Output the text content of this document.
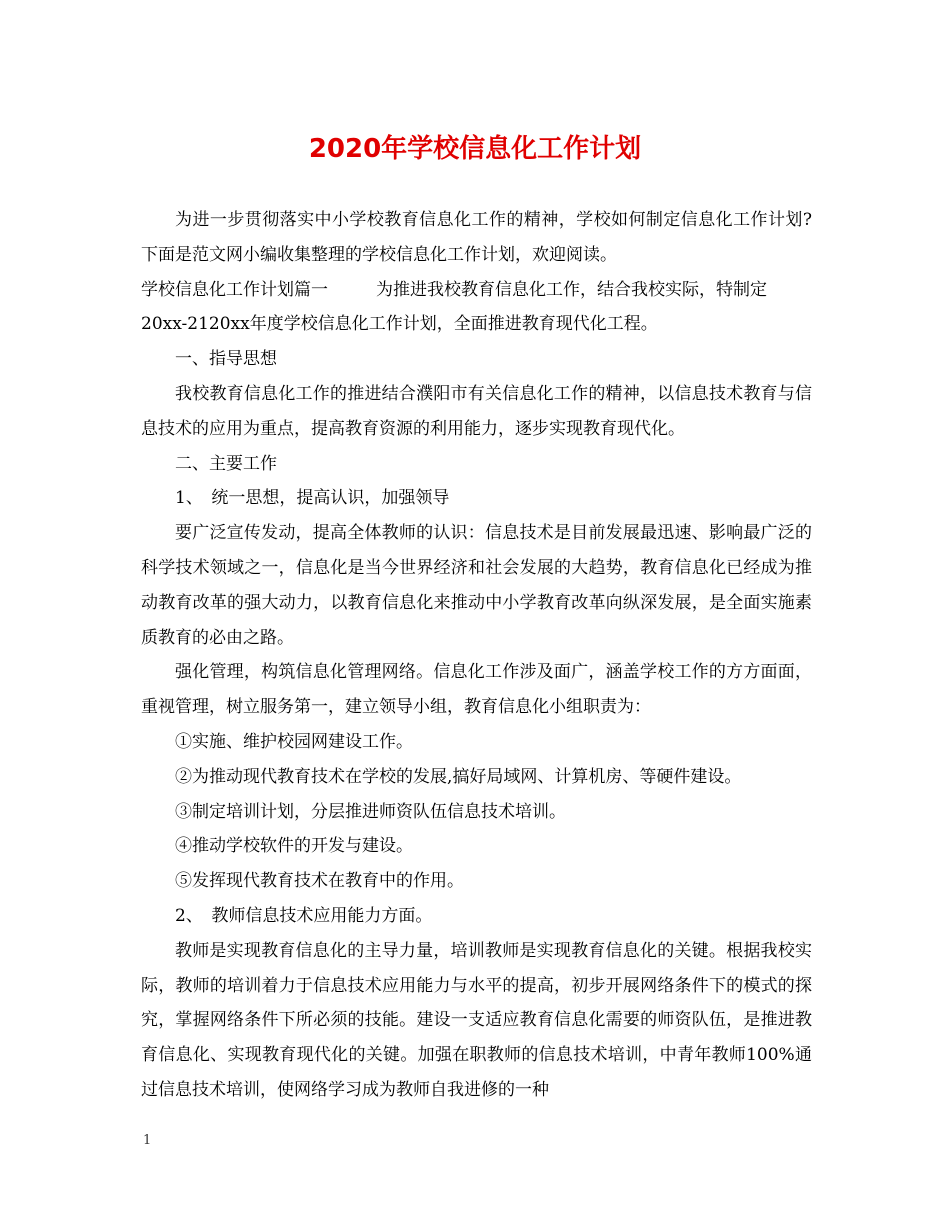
2020年学校信息化工作计划

为进一步贯彻落实中小学校教育信息化工作的精神，学校如何制定信息化工作计划?下面是范文网小编收集整理的学校信息化工作计划，欢迎阅读。

学校信息化工作计划篇一	为推进我校教育信息化工作，结合我校实际，特制定

20xx-2120xx年度学校信息化工作计划，全面推进教育现代化工程。

一、指导思想

我校教育信息化工作的推进结合濮阳市有关信息化工作的精神，以信息技术教育与信息技术的应用为重点，提高教育资源的利用能力，逐步实现教育现代化。

二、主要工作

1、　统一思想，提高认识，加强领导

要广泛宣传发动，提高全体教师的认识：信息技术是目前发展最迅速、影响最广泛的科学技术领域之一，信息化是当今世界经济和社会发展的大趋势，教育信息化已经成为推动教育改革的强大动力，以教育信息化来推动中小学教育改革向纵深发展，是全面实施素质教育的必由之路。

强化管理，构筑信息化管理网络。信息化工作涉及面广，涵盖学校工作的方方面面，重视管理，树立服务第一，建立领导小组，教育信息化小组职责为：

①实施、维护校园网建设工作。

②为推动现代教育技术在学校的发展,搞好局域网、计算机房、等硬件建设。

③制定培训计划，分层推进师资队伍信息技术培训。

④推动学校软件的开发与建设。

⑤发挥现代教育技术在教育中的作用。

2、　教师信息技术应用能力方面。

教师是实现教育信息化的主导力量，培训教师是实现教育信息化的关键。根据我校实际，教师的培训着力于信息技术应用能力与水平的提高，初步开展网络条件下的模式的探究，掌握网络条件下所必须的技能。建设一支适应教育信息化需要的师资队伍，是推进教育信息化、实现教育现代化的关键。加强在职教师的信息技术培训，中青年教师100%通过信息技术培训，使网络学习成为教师自我进修的一种

1
